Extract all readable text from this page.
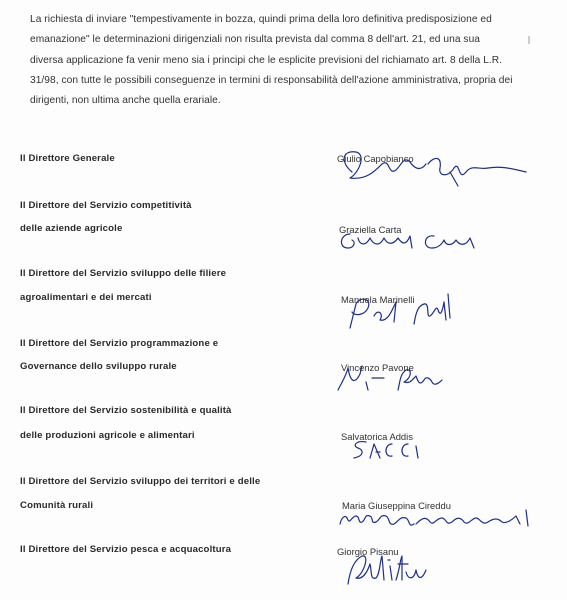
La richiesta di inviare "tempestivamente in bozza, quindi prima della loro definitiva predisposizione ed
emanazione" le determinazioni dirigenziali non risulta prevista dal comma 8 dell'art. 21, ed una sua
diversa applicazione fa venir meno sia i principi che le esplicite previsioni del richiamato art. 8 della L.R.
31/98, con tutte le possibili conseguenze in termini di responsabilità dell'azione amministrativa, propria dei
dirigenti, non ultima anche quella erariale.
Il Direttore Generale	Giulio Capobianco
Il Direttore del Servizio competitività
delle aziende agricole	Graziella Carta
Il Direttore del Servizio sviluppo delle filiere
agroalimentari e dei mercati	Manuela Marinelli
Il Direttore del Servizio programmazione e
Governance dello sviluppo rurale	Vincenzo Pavone
Il Direttore del Servizio sostenibilità e qualità
delle produzioni agricole e alimentari	Salvatorica Addis
Il Direttore del Servizio sviluppo dei territori e delle
Comunità rurali	Maria Giuseppina Cireddu
Il Direttore del Servizio pesca e acquacoltura	Giorgio Pisanu
